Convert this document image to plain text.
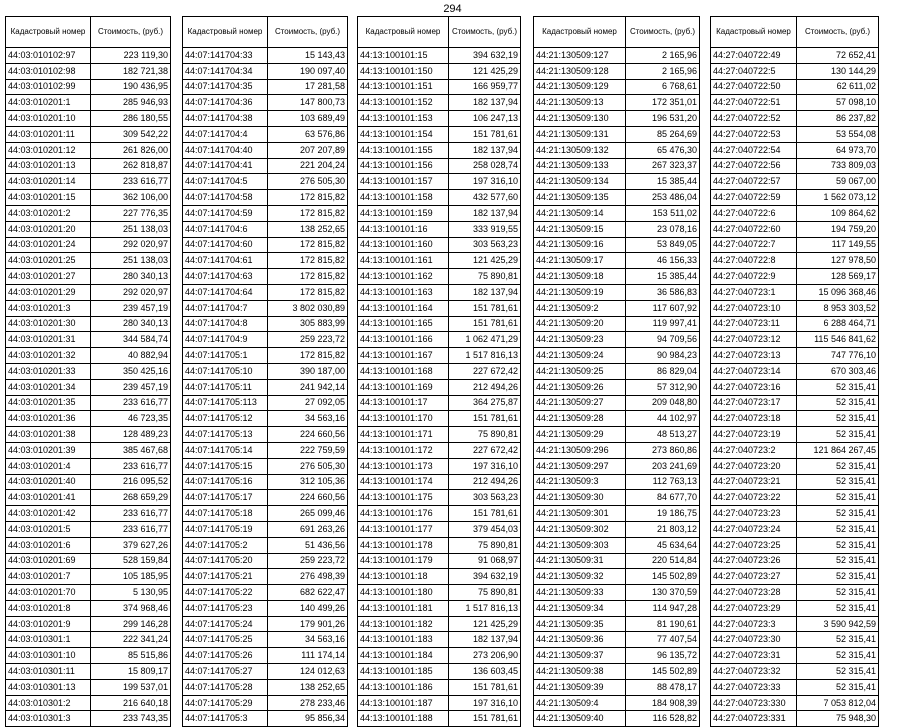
294
Кадастровый номер	Стоимость, (руб.)
44:03:010102:97	223 119,30
44:03:010102:98	182 721,38
44:03:010102:99	190 436,95
44:03:010201:1	285 946,93
44:03:010201:10	286 180,55
44:03:010201:11	309 542,22
44:03:010201:12	261 826,00
44:03:010201:13	262 818,87
44:03:010201:14	233 616,77
44:03:010201:15	362 106,00
44:03:010201:2	227 776,35
44:03:010201:20	251 138,03
44:03:010201:24	292 020,97
44:03:010201:25	251 138,03
44:03:010201:27	280 340,13
44:03:010201:29	292 020,97
44:03:010201:3	239 457,19
44:03:010201:30	280 340,13
44:03:010201:31	344 584,74
44:03:010201:32	40 882,94
44:03:010201:33	350 425,16
44:03:010201:34	239 457,19
44:03:010201:35	233 616,77
44:03:010201:36	46 723,35
44:03:010201:38	128 489,23
44:03:010201:39	385 467,68
44:03:010201:4	233 616,77
44:03:010201:40	216 095,52
44:03:010201:41	268 659,29
44:03:010201:42	233 616,77
44:03:010201:5	233 616,77
44:03:010201:6	379 627,26
44:03:010201:69	528 159,84
44:03:010201:7	105 185,95
44:03:010201:70	5 130,95
44:03:010201:8	374 968,46
44:03:010201:9	299 146,28
44:03:010301:1	222 341,24
44:03:010301:10	85 515,86
44:03:010301:11	15 809,17
44:03:010301:13	199 537,01
44:03:010301:2	216 640,18
44:03:010301:3	233 743,35
Кадастровый номер	Стоимость, (руб.)
44:07:141704:33	15 143,43
44:07:141704:34	190 097,40
44:07:141704:35	17 281,58
44:07:141704:36	147 800,73
44:07:141704:38	103 689,49
44:07:141704:4	63 576,86
44:07:141704:40	207 207,89
44:07:141704:41	221 204,24
44:07:141704:5	276 505,30
44:07:141704:58	172 815,82
44:07:141704:59	172 815,82
44:07:141704:6	138 252,65
44:07:141704:60	172 815,82
44:07:141704:61	172 815,82
44:07:141704:63	172 815,82
44:07:141704:64	172 815,82
44:07:141704:7	3 802 030,89
44:07:141704:8	305 883,99
44:07:141704:9	259 223,72
44:07:141705:1	172 815,82
44:07:141705:10	390 187,00
44:07:141705:11	241 942,14
44:07:141705:113	27 092,05
44:07:141705:12	34 563,16
44:07:141705:13	224 660,56
44:07:141705:14	222 759,59
44:07:141705:15	276 505,30
44:07:141705:16	312 105,36
44:07:141705:17	224 660,56
44:07:141705:18	265 099,46
44:07:141705:19	691 263,26
44:07:141705:2	51 436,56
44:07:141705:20	259 223,72
44:07:141705:21	276 498,39
44:07:141705:22	682 622,47
44:07:141705:23	140 499,26
44:07:141705:24	179 901,26
44:07:141705:25	34 563,16
44:07:141705:26	111 174,14
44:07:141705:27	124 012,63
44:07:141705:28	138 252,65
44:07:141705:29	278 233,46
44:07:141705:3	95 856,34
Кадастровый номер	Стоимость, (руб.)
44:13:100101:15	394 632,19
44:13:100101:150	121 425,29
44:13:100101:151	166 959,77
44:13:100101:152	182 137,94
44:13:100101:153	106 247,13
44:13:100101:154	151 781,61
44:13:100101:155	182 137,94
44:13:100101:156	258 028,74
44:13:100101:157	197 316,10
44:13:100101:158	432 577,60
44:13:100101:159	182 137,94
44:13:100101:16	333 919,55
44:13:100101:160	303 563,23
44:13:100101:161	121 425,29
44:13:100101:162	75 890,81
44:13:100101:163	182 137,94
44:13:100101:164	151 781,61
44:13:100101:165	151 781,61
44:13:100101:166	1 062 471,29
44:13:100101:167	1 517 816,13
44:13:100101:168	227 672,42
44:13:100101:169	212 494,26
44:13:100101:17	364 275,87
44:13:100101:170	151 781,61
44:13:100101:171	75 890,81
44:13:100101:172	227 672,42
44:13:100101:173	197 316,10
44:13:100101:174	212 494,26
44:13:100101:175	303 563,23
44:13:100101:176	151 781,61
44:13:100101:177	379 454,03
44:13:100101:178	75 890,81
44:13:100101:179	91 068,97
44:13:100101:18	394 632,19
44:13:100101:180	75 890,81
44:13:100101:181	1 517 816,13
44:13:100101:182	121 425,29
44:13:100101:183	182 137,94
44:13:100101:184	273 206,90
44:13:100101:185	136 603,45
44:13:100101:186	151 781,61
44:13:100101:187	197 316,10
44:13:100101:188	151 781,61
Кадастровый номер	Стоимость, (руб.)
44:21:130509:127	2 165,96
44:21:130509:128	2 165,96
44:21:130509:129	6 768,61
44:21:130509:13	172 351,01
44:21:130509:130	196 531,20
44:21:130509:131	85 264,69
44:21:130509:132	65 476,30
44:21:130509:133	267 323,37
44:21:130509:134	15 385,44
44:21:130509:135	253 486,04
44:21:130509:14	153 511,02
44:21:130509:15	23 078,16
44:21:130509:16	53 849,05
44:21:130509:17	46 156,33
44:21:130509:18	15 385,44
44:21:130509:19	36 586,83
44:21:130509:2	117 607,92
44:21:130509:20	119 997,41
44:21:130509:23	94 709,56
44:21:130509:24	90 984,23
44:21:130509:25	86 829,04
44:21:130509:26	57 312,90
44:21:130509:27	209 048,80
44:21:130509:28	44 102,97
44:21:130509:29	48 513,27
44:21:130509:296	273 860,86
44:21:130509:297	203 241,69
44:21:130509:3	112 763,13
44:21:130509:30	84 677,70
44:21:130509:301	19 186,75
44:21:130509:302	21 803,12
44:21:130509:303	45 634,64
44:21:130509:31	220 514,84
44:21:130509:32	145 502,89
44:21:130509:33	130 370,59
44:21:130509:34	114 947,28
44:21:130509:35	81 190,61
44:21:130509:36	77 407,54
44:21:130509:37	96 135,72
44:21:130509:38	145 502,89
44:21:130509:39	88 478,17
44:21:130509:4	184 908,39
44:21:130509:40	116 528,82
Кадастровый номер	Стоимость, (руб.)
44:27:040722:49	72 652,41
44:27:040722:5	130 144,29
44:27:040722:50	62 611,02
44:27:040722:51	57 098,10
44:27:040722:52	86 237,82
44:27:040722:53	53 554,08
44:27:040722:54	64 973,70
44:27:040722:56	733 809,03
44:27:040722:57	59 067,00
44:27:040722:59	1 562 073,12
44:27:040722:6	109 864,62
44:27:040722:60	194 759,20
44:27:040722:7	117 149,55
44:27:040722:8	127 978,50
44:27:040722:9	128 569,17
44:27:040723:1	15 096 368,46
44:27:040723:10	8 953 303,52
44:27:040723:11	6 288 464,71
44:27:040723:12	115 546 841,62
44:27:040723:13	747 776,10
44:27:040723:14	670 303,46
44:27:040723:16	52 315,41
44:27:040723:17	52 315,41
44:27:040723:18	52 315,41
44:27:040723:19	52 315,41
44:27:040723:2	121 864 267,45
44:27:040723:20	52 315,41
44:27:040723:21	52 315,41
44:27:040723:22	52 315,41
44:27:040723:23	52 315,41
44:27:040723:24	52 315,41
44:27:040723:25	52 315,41
44:27:040723:26	52 315,41
44:27:040723:27	52 315,41
44:27:040723:28	52 315,41
44:27:040723:29	52 315,41
44:27:040723:3	3 590 942,59
44:27:040723:30	52 315,41
44:27:040723:31	52 315,41
44:27:040723:32	52 315,41
44:27:040723:33	52 315,41
44:27:040723:330	7 053 812,04
44:27:040723:331	75 948,30
